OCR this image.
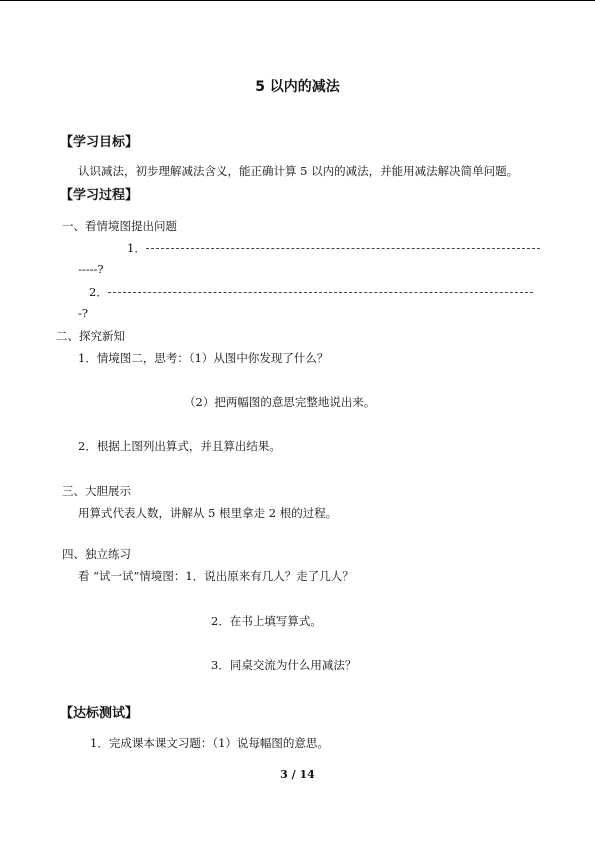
5 以内的减法
【学习目标】
认识减法，初步理解减法含义，能正确计算 5 以内的减法，并能用减法解决简单问题。
【学习过程】
一、看情境图提出问题
1．
-----?
2．
-?
二、探究新知
1．情境图二，思考：（1）从图中你发现了什么？
（2）把两幅图的意思完整地说出来。
2．根据上图列出算式，并且算出结果。
三、大胆展示
用算式代表人数，讲解从 5 根里拿走 2 根的过程。
四、独立练习
看 “试一试”情境图：1．说出原来有几人？走了几人？
2．在书上填写算式。
3．同桌交流为什么用减法？
【达标测试】
1．完成课本课文习题：（1）说每幅图的意思。
3 / 14
